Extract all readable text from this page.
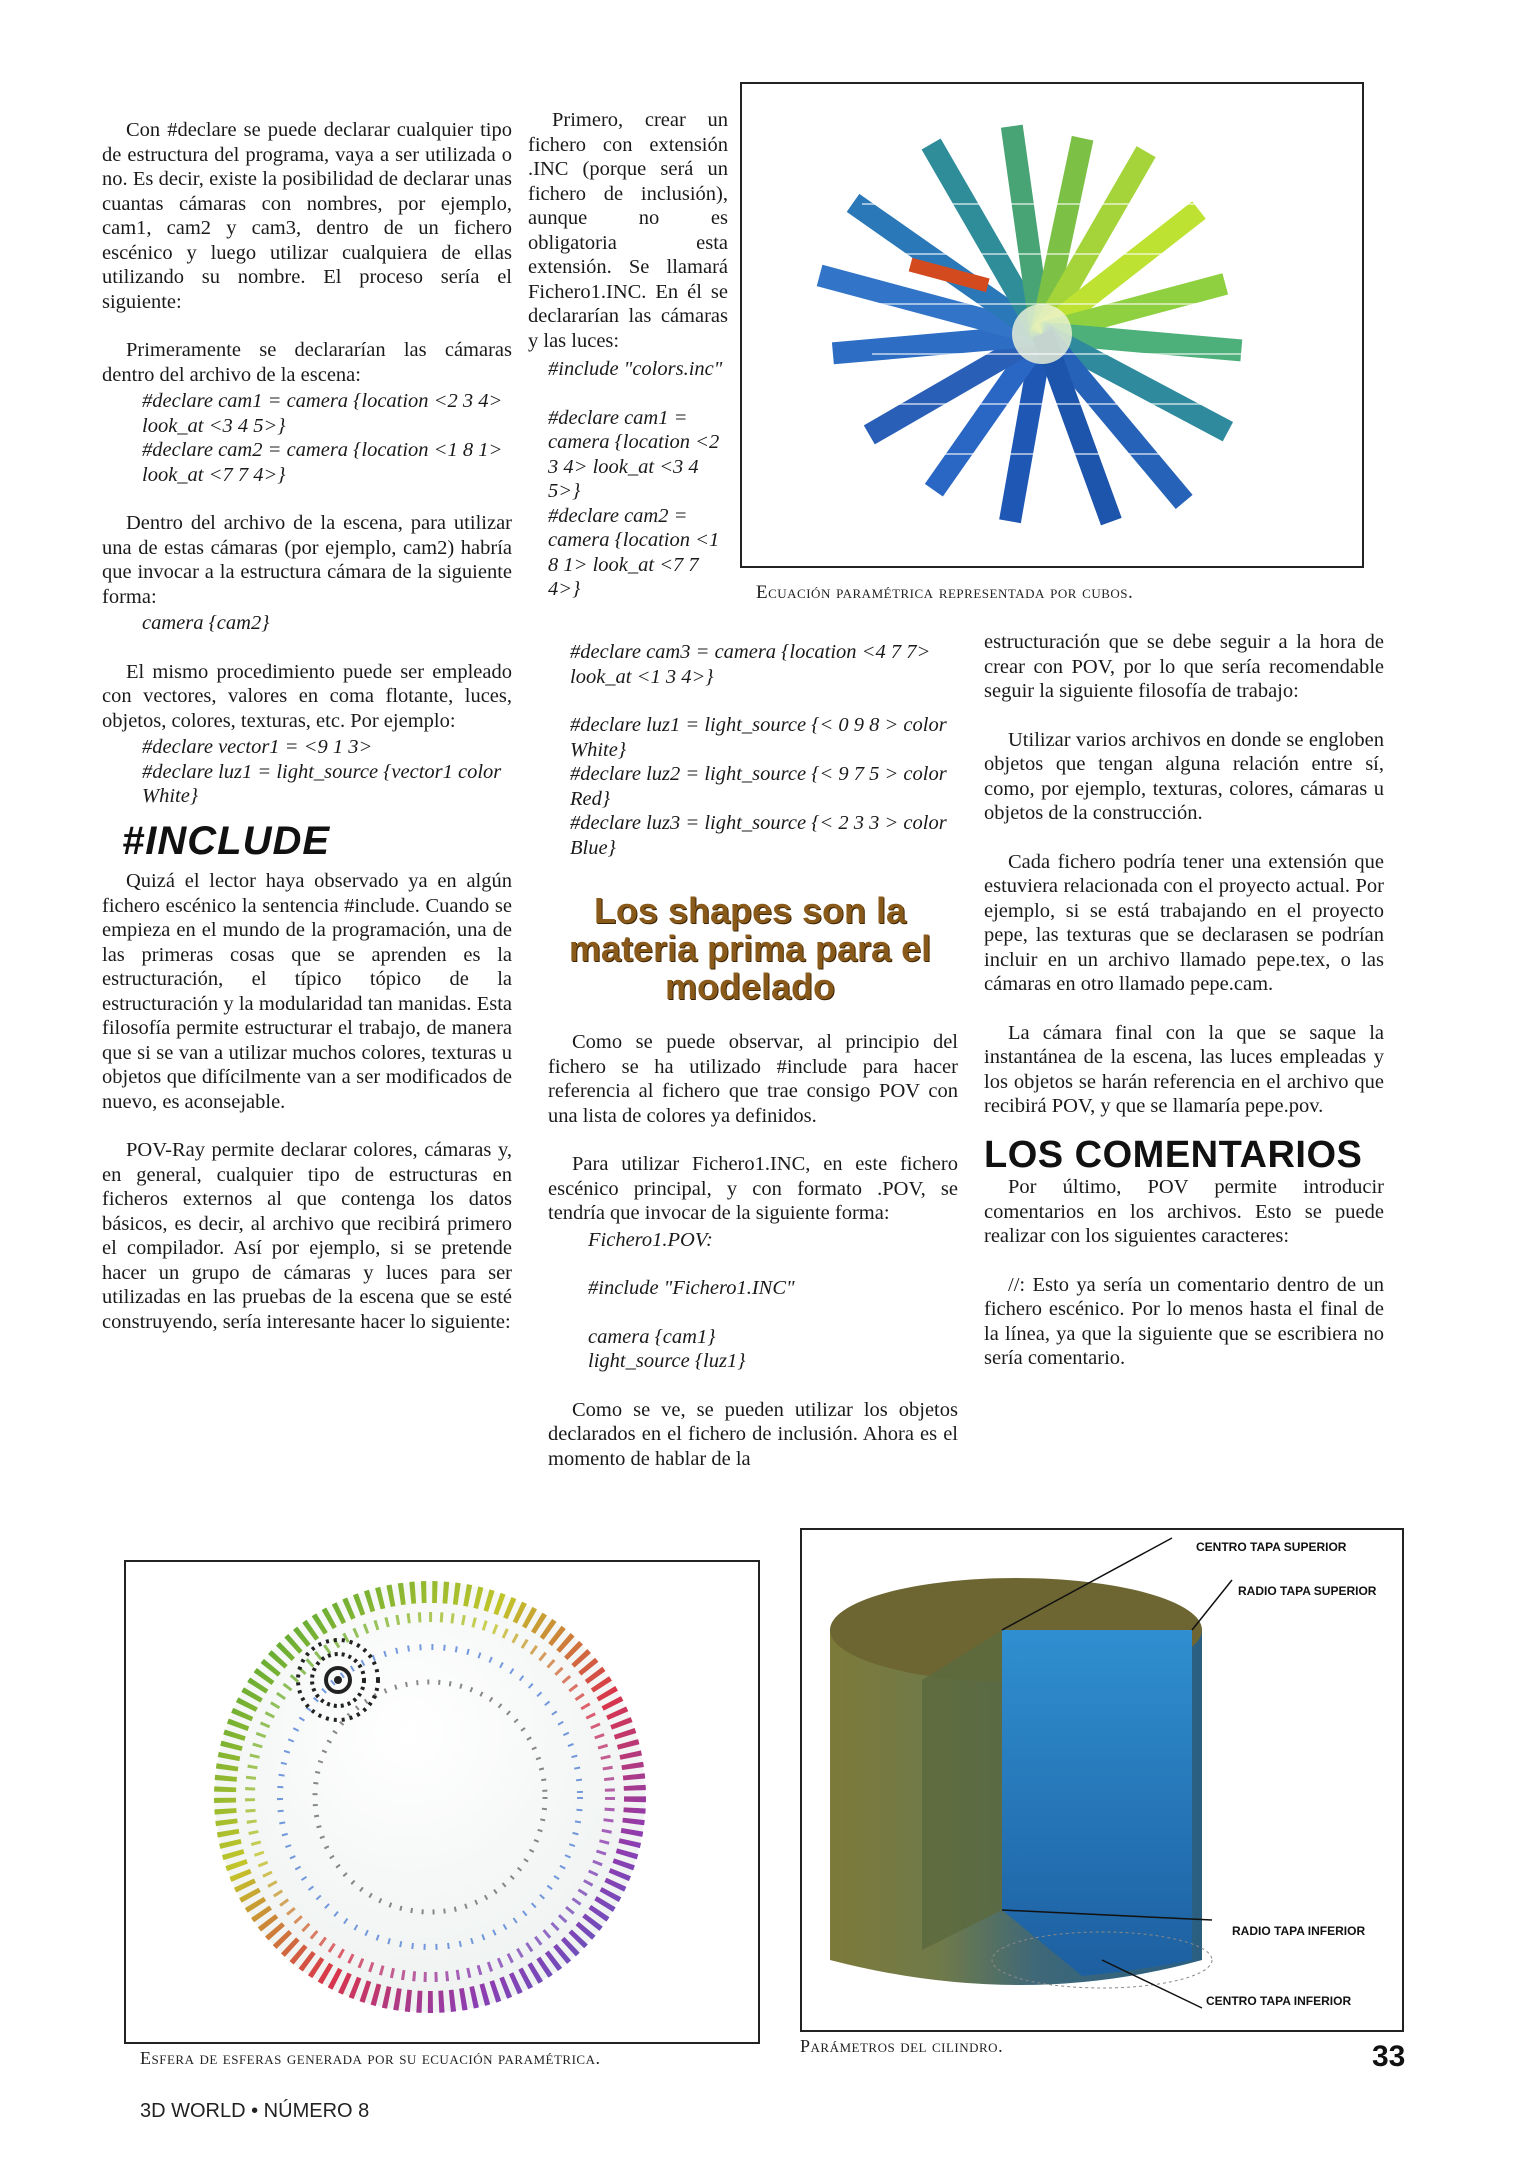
Con #declare se puede declarar cualquier tipo de estructura del programa, vaya a ser utilizada o no. Es decir, existe la posibilidad de declarar unas cuantas cámaras con nombres, por ejemplo, cam1, cam2 y cam3, dentro de un fichero escénico y luego utilizar cualquiera de ellas utilizando su nombre. El proceso sería el siguiente:

Primeramente se declararían las cámaras dentro del archivo de la escena:

#declare cam1 = camera {location <2 3 4> look_at <3 4 5>}
#declare cam2 = camera {location <1 8 1> look_at <7 7 4>}

Dentro del archivo de la escena, para utilizar una de estas cámaras (por ejemplo, cam2) habría que invocar a la estructura cámara de la siguiente forma:

camera {cam2}

El mismo procedimiento puede ser empleado con vectores, valores en coma flotante, luces, objetos, colores, texturas, etc. Por ejemplo:

#declare vector1 = <9 1 3>
#declare luz1 = light_source {vector1 color White}
#INCLUDE

Quizá el lector haya observado ya en algún fichero escénico la sentencia #include. Cuando se empieza en el mundo de la programación, una de las primeras cosas que se aprenden es la estructuración, el típico tópico de la estructuración y la modularidad tan manidas. Esta filosofía permite estructurar el trabajo, de manera que si se van a utilizar muchos colores, texturas u objetos que difícilmente van a ser modificados de nuevo, es aconsejable.

POV-Ray permite declarar colores, cámaras y, en general, cualquier tipo de estructuras en ficheros externos al que contenga los datos básicos, es decir, al archivo que recibirá primero el compilador. Así por ejemplo, si se pretende hacer un grupo de cámaras y luces para ser utilizadas en las pruebas de la escena que se esté construyendo, sería interesante hacer lo siguiente:

Primero, crear un fichero con extensión .INC (porque será un fichero de inclusión), aunque no es obligatoria esta extensión. Se llamará Fichero1.INC. En él se declararían las cámaras y las luces:

#include "colors.inc"
#declare cam1 = camera {location <2 3 4> look_at <3 4 5>}
#declare cam2 = camera {location <1 8 1> look_at <7 7 4>}
#declare cam3 = camera {location <4 7 7> look_at <1 3 4>}
#declare luz1 = light_source {< 0 9 8 > color White}
#declare luz2 = light_source {< 9 7 5 > color Red}
#declare luz3 = light_source {< 2 3 3 > color Blue}
Los shapes son la materia prima para el modelado

Como se puede observar, al principio del fichero se ha utilizado #include para hacer referencia al fichero que trae consigo POV con una lista de colores ya definidos.

Para utilizar Fichero1.INC, en este fichero escénico principal, y con formato .POV, se tendría que invocar de la siguiente forma:

Fichero1.POV:
#include "Fichero1.INC"
camera {cam1}
light_source {luz1}

Como se ve, se pueden utilizar los objetos declarados en el fichero de inclusión. Ahora es el momento de hablar de la

Ecuación paramétrica representada por cubos.

estructuración que se debe seguir a la hora de crear con POV, por lo que sería recomendable seguir la siguiente filosofía de trabajo:

Utilizar varios archivos en donde se engloben objetos que tengan alguna relación entre sí, como, por ejemplo, texturas, colores, cámaras u objetos de la construcción.

Cada fichero podría tener una extensión que estuviera relacionada con el proyecto actual. Por ejemplo, si se está trabajando en el proyecto pepe, las texturas que se declarasen se podrían incluir en un archivo llamado pepe.tex, o las cámaras en otro llamado pepe.cam.

La cámara final con la que se saque la instantánea de la escena, las luces empleadas y los objetos se harán referencia en el archivo que recibirá POV, y que se llamaría pepe.pov.

LOS COMENTARIOS

Por último, POV permite introducir comentarios en los archivos. Esto se puede realizar con los siguientes caracteres:

//: Esto ya sería un comentario dentro de un fichero escénico. Por lo menos hasta el final de la línea, ya que la siguiente que se escribiera no sería comentario.

Esfera de esferas generada por su ecuación paramétrica.
CENTRO TAPA SUPERIOR
RADIO TAPA SUPERIOR
RADIO TAPA INFERIOR
CENTRO TAPA INFERIOR
Parámetros del cilindro.
3D WORLD • NÚMERO 8
33
